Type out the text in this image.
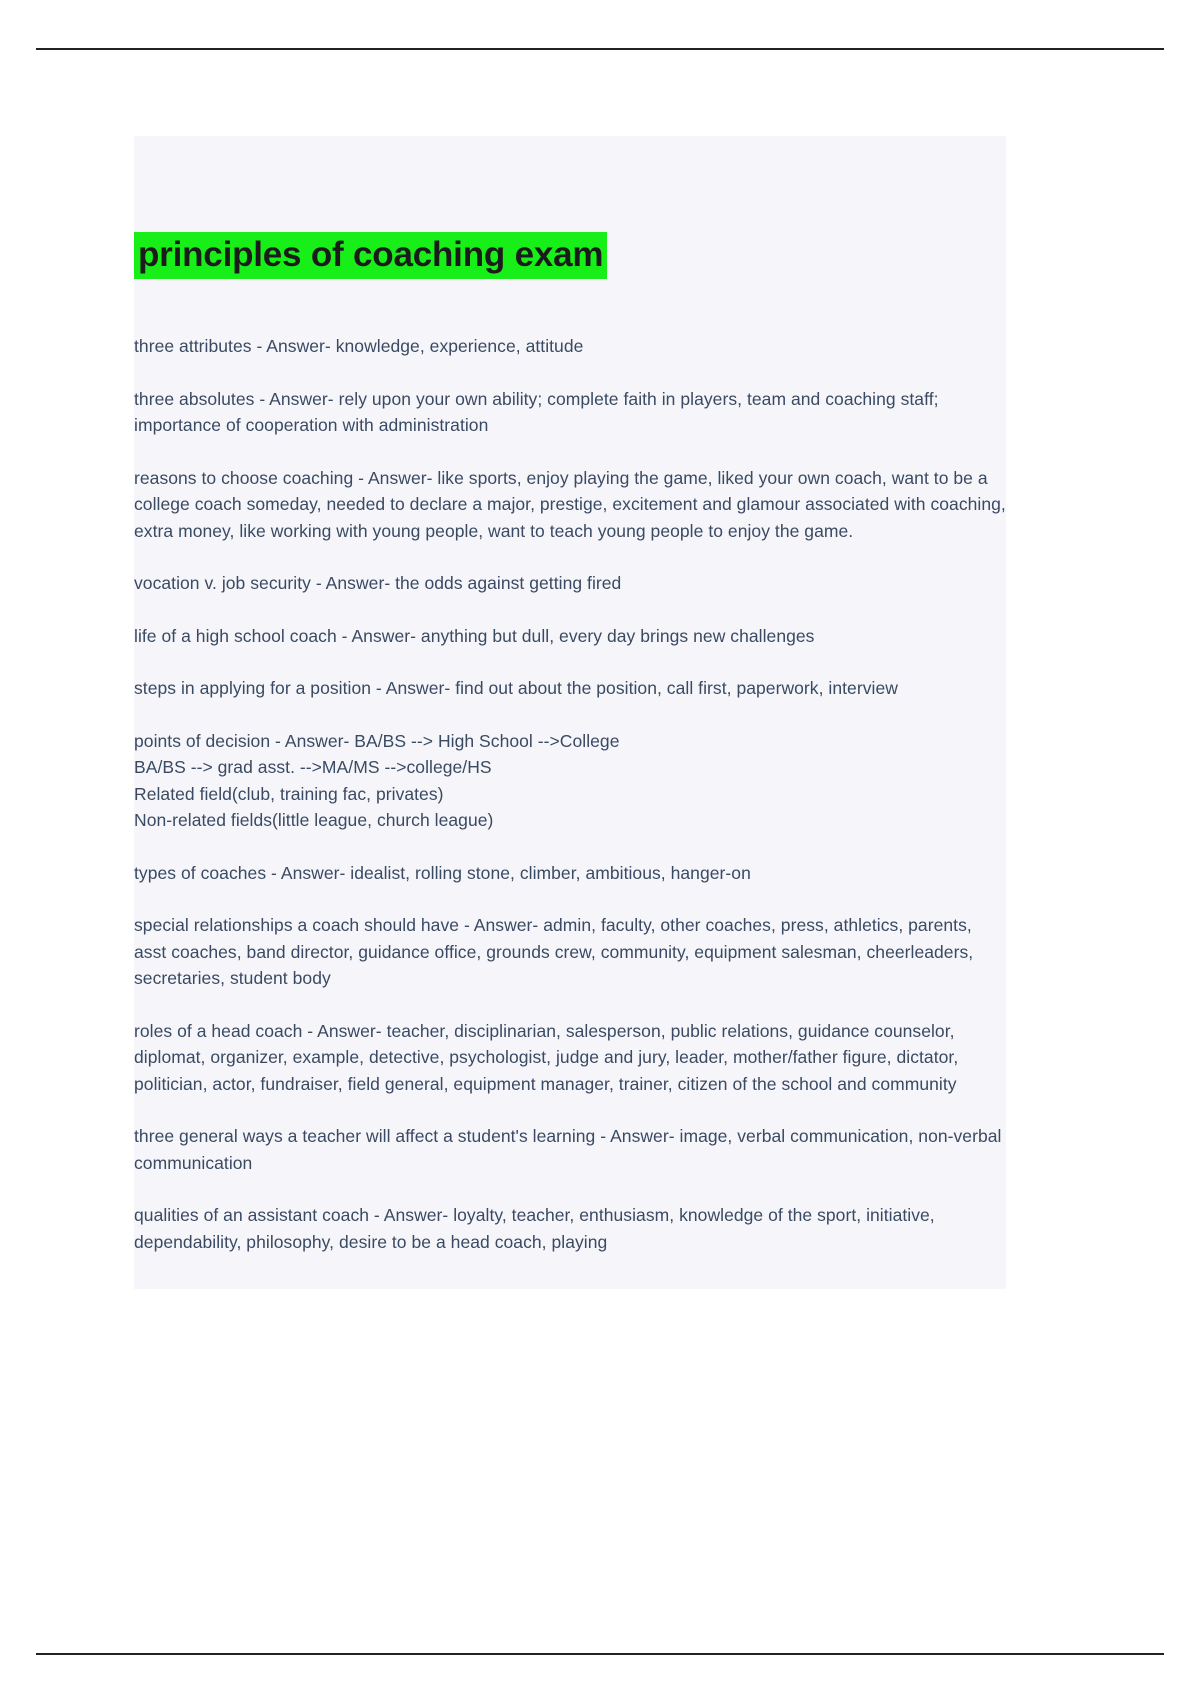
principles of coaching exam

three attributes - Answer- knowledge, experience, attitude

three absolutes - Answer- rely upon your own ability; complete faith in players, team and coaching staff; importance of cooperation with administration

reasons to choose coaching - Answer- like sports, enjoy playing the game, liked your own coach, want to be a college coach someday, needed to declare a major, prestige, excitement and glamour associated with coaching, extra money, like working with young people, want to teach young people to enjoy the game.

vocation v. job security - Answer- the odds against getting fired

life of a high school coach - Answer- anything but dull, every day brings new challenges

steps in applying for a position - Answer- find out about the position, call first, paperwork, interview

points of decision - Answer- BA/BS --> High School -->College
BA/BS --> grad asst. -->MA/MS -->college/HS
Related field(club, training fac, privates)
Non-related fields(little league, church league)

types of coaches - Answer- idealist, rolling stone, climber, ambitious, hanger-on

special relationships a coach should have - Answer- admin, faculty, other coaches, press, athletics, parents, asst coaches, band director, guidance office, grounds crew, community, equipment salesman, cheerleaders, secretaries, student body

roles of a head coach - Answer- teacher, disciplinarian, salesperson, public relations, guidance counselor, diplomat, organizer, example, detective, psychologist, judge and jury, leader, mother/father figure, dictator, politician, actor, fundraiser, field general, equipment manager, trainer, citizen of the school and community

three general ways a teacher will affect a student's learning - Answer- image, verbal communication, non-verbal communication

qualities of an assistant coach - Answer- loyalty, teacher, enthusiasm, knowledge of the sport, initiative, dependability, philosophy, desire to be a head coach, playing
